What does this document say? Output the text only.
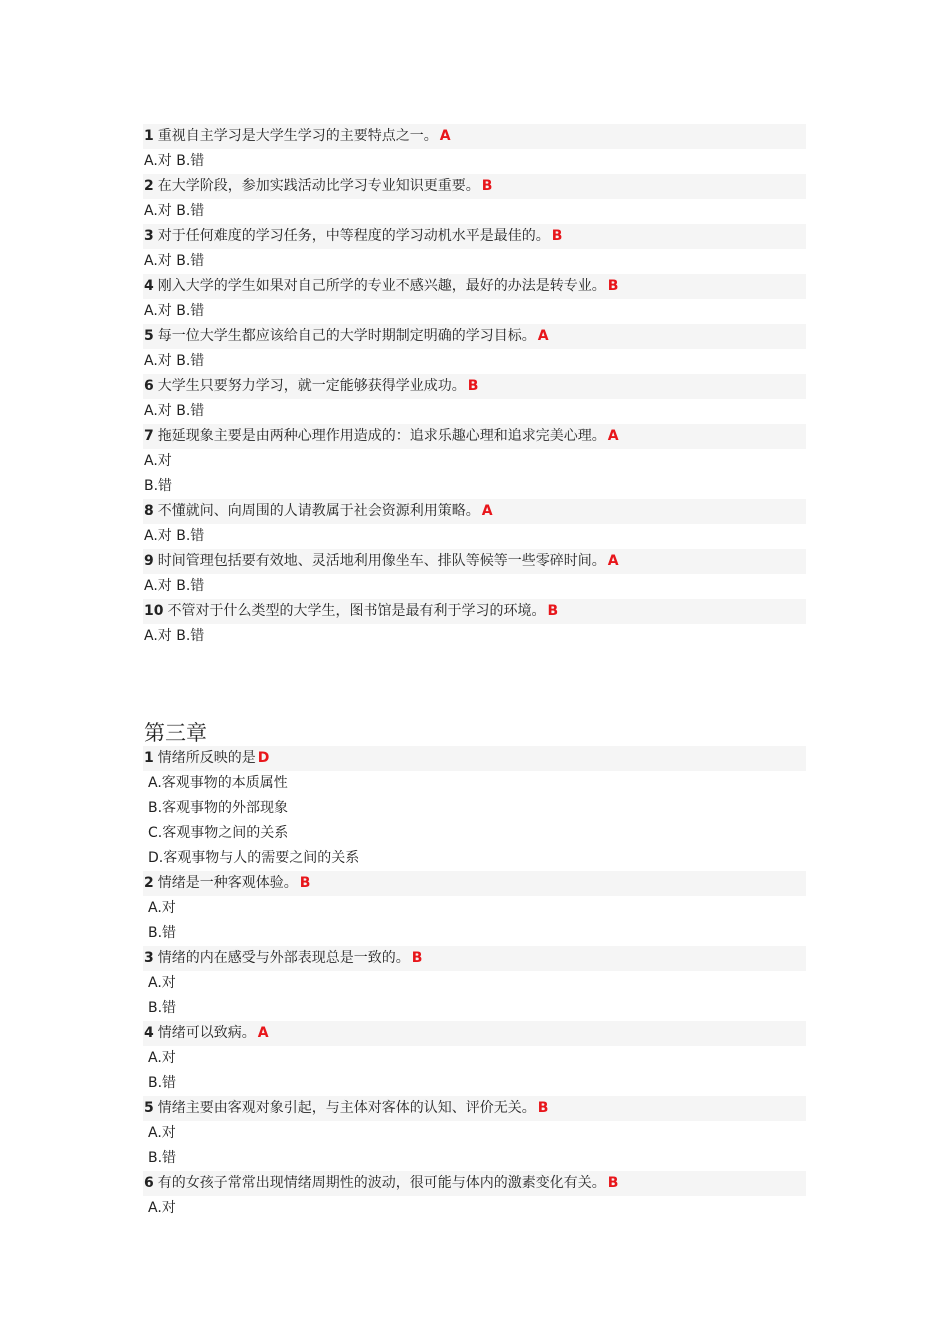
1 重视自主学习是大学生学习的主要特点之一。 A
A.对 B.错
2 在大学阶段，参加实践活动比学习专业知识更重要。 B
A.对 B.错
3 对于任何难度的学习任务，中等程度的学习动机水平是最佳的。 B
A.对 B.错
4 刚入大学的学生如果对自己所学的专业不感兴趣，最好的办法是转专业。 B
A.对 B.错
5 每一位大学生都应该给自己的大学时期制定明确的学习目标。 A
A.对 B.错
6 大学生只要努力学习，就一定能够获得学业成功。 B
A.对 B.错
7 拖延现象主要是由两种心理作用造成的：追求乐趣心理和追求完美心理。 A
A.对
B.错
8 不懂就问、向周围的人请教属于社会资源利用策略。 A
A.对 B.错
9 时间管理包括要有效地、灵活地利用像坐车、排队等候等一些零碎时间。 A
A.对 B.错
10 不管对于什么类型的大学生，图书馆是最有利于学习的环境。 B
A.对 B.错
第三章
1 情绪所反映的是 D
A.客观事物的本质属性
B.客观事物的外部现象
C.客观事物之间的关系
D.客观事物与人的需要之间的关系
2 情绪是一种客观体验。 B
A.对
B.错
3 情绪的内在感受与外部表现总是一致的。 B
A.对
B.错
4 情绪可以致病。 A
A.对
B.错
5 情绪主要由客观对象引起，与主体对客体的认知、评价无关。 B
A.对
B.错
6 有的女孩子常常出现情绪周期性的波动，很可能与体内的激素变化有关。 B
A.对
